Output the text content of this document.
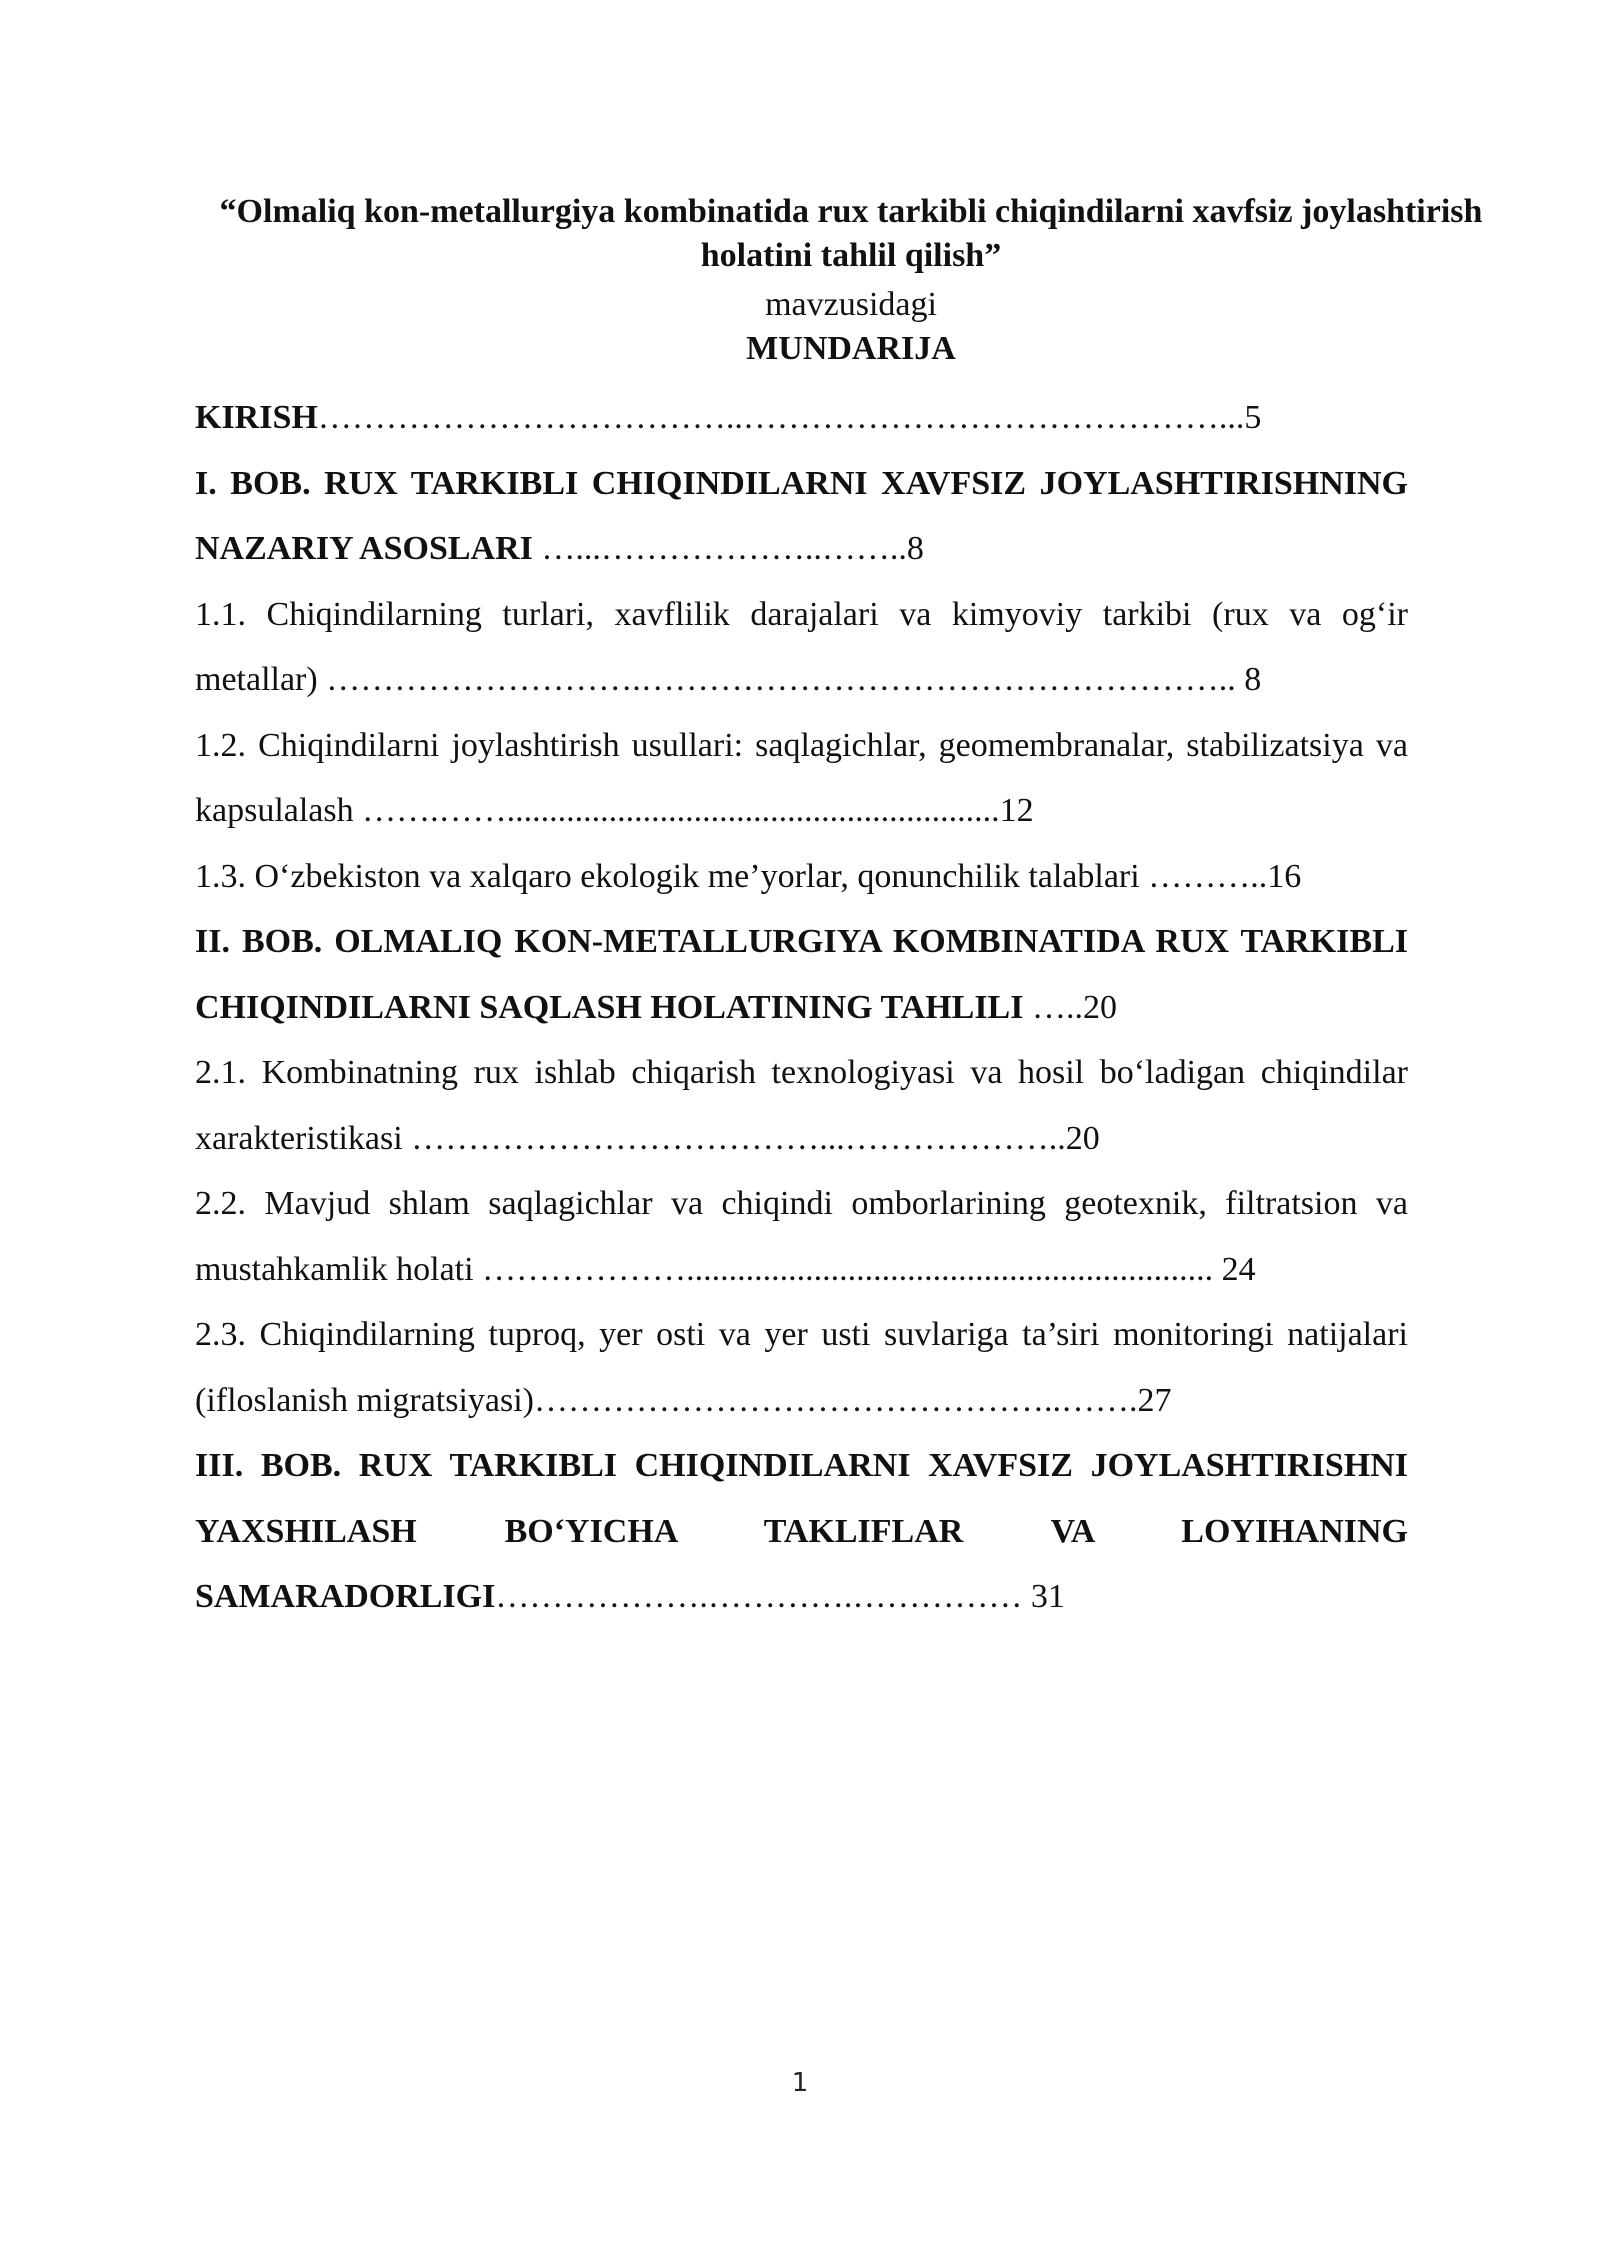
“Olmaliq kon-metallurgiya kombinatida rux tarkibli chiqindilarni xavfsiz joylashtirish holatini tahlil qilish”
mavzusidagi
MUNDARIJA

KIRISH………………………………..……………………………………...5

I. BOB. RUX TARKIBLI CHIQINDILARNI XAVFSIZ JOYLASHTIRISHNING NAZARIY ASOSLARI …...………………..……..8

1.1. Chiqindilarning turlari, xavflilik darajalari va kimyoviy tarkibi (rux va og‘ir metallar) ……………………….…………………………………………….. 8

1.2. Chiqindilarni joylashtirish usullari: saqlagichlar, geomembranalar, stabilizatsiya va kapsulalash …….……..........................................................12

1.3. O‘zbekiston va xalqaro ekologik me’yorlar, qonunchilik talablari ………..16

II. BOB. OLMALIQ KON-METALLURGIYA KOMBINATIDA RUX TARKIBLI CHIQINDILARNI SAQLASH HOLATINING TAHLILI …..20

2.1. Kombinatning rux ishlab chiqarish texnologiyasi va hosil bo‘ladigan chiqindilar xarakteristikasi ………………………………...………………..20

2.2. Mavjud shlam saqlagichlar va chiqindi omborlarining geotexnik, filtratsion va mustahkamlik holati ……………….............................................................. 24

2.3. Chiqindilarning tuproq, yer osti va yer usti suvlariga ta’siri monitoringi natijalari (ifloslanish migratsiyasi)………………………………………..…….27

III. BOB. RUX TARKIBLI CHIQINDILARNI XAVFSIZ JOYLASHTIRISHNI YAXSHILASH BO‘YICHA TAKLIFLAR VA LOYIHANING SAMARADORLIGI……………….………….…………… 31

1
